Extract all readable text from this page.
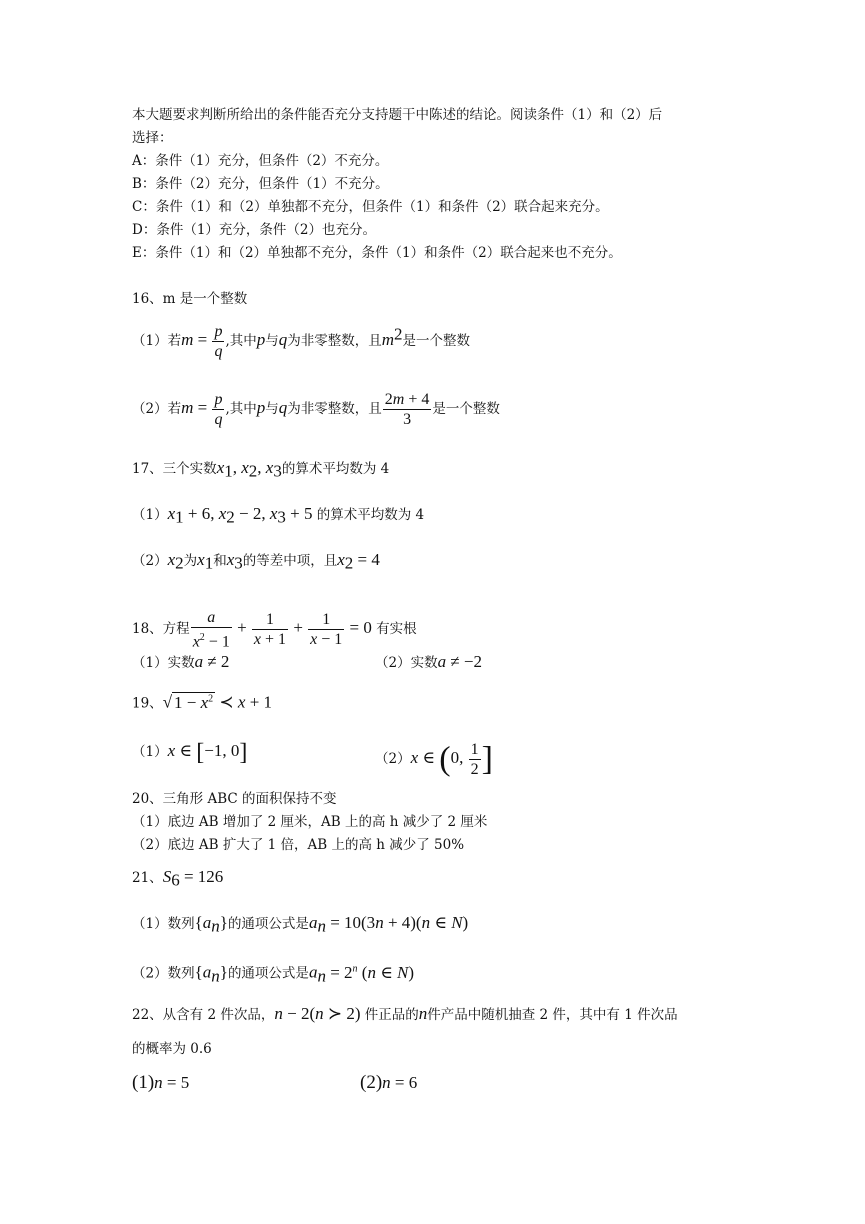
本大题要求判断所给出的条件能否充分支持题干中陈述的结论。阅读条件（1）和（2）后
选择：
A：条件（1）充分，但条件（2）不充分。
B：条件（2）充分，但条件（1）不充分。
C：条件（1）和（2）单独都不充分，但条件（1）和条件（2）联合起来充分。
D：条件（1）充分，条件（2）也充分。
E：条件（1）和（2）单独都不充分，条件（1）和条件（2）联合起来也不充分。
16、m 是一个整数
（1）若$m = \frac{p}{q}$ ,其中p与q为非零整数，且$m^2$是一个整数
（2）若$m = \frac{p}{q}$ ,其中p与q为非零整数，且 $\frac{2m + 4}{3}$ 是一个整数
17、三个实数$x_1$, $x_2$, $x_3$的算术平均数为 4
$(1)x_1 + 6$, $x_2 - 2$, $x_3 + 5$ 的算术平均数为 4
$(2)x_2$为$x_1$和$x_3$的等差中项，且$x_2 = 4$
18、方程 $\frac{a}{x^2 - 1} + \frac{1}{x + 1} + \frac{1}{x - 1} = 0$ 有实根
（1）实数a ≠ 2	（2）实数a ≠ −2
19、√ $1 - x^2$ ≺ x + 1
（1）x ∈ [−1, 0]	（2）x ∈ (0, $\frac{1}{2}$ ]
20、三角形 ABC 的面积保持不变
（1）底边 AB 增加了 2 厘米，AB 上的高 h 减少了 2 厘米
（2）底边 AB 扩大了 1 倍，AB 上的高 h 减少了 50%
21、$S_6 = 126$
（1）数列$\{a_n\}$的通项公式是$a_n = 10(3n + 4)(n$ ∈ N)
（2）数列$\{a_n\}$的通项公式是$a_n = 2^n$ (n ∈ N)
22、从含有 2 件次品，n − 2(n ≻ 2) 件正品的n件产品中随机抽查 2 件，其中有 1 件次品
的概率为 0.6
(1)n = 5	(2)n = 6
